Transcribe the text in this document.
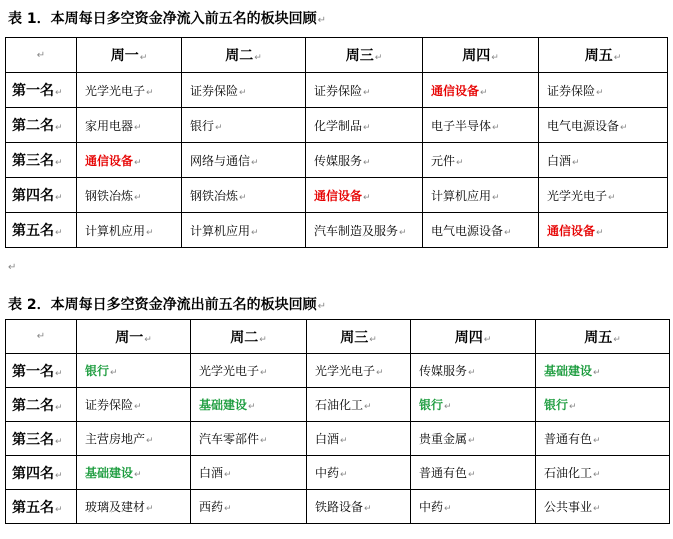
表 1．本周每日多空资金净流入前五名的板块回顾↵
↵	周一↵	周二↵	周三↵	周四↵	周五↵
第一名↵	光学光电子↵	证券保险↵	证券保险↵	通信设备↵	证券保险↵
第二名↵	家用电器↵	银行↵	化学制品↵	电子半导体↵	电气电源设备↵
第三名↵	通信设备↵	网络与通信↵	传媒服务↵	元件↵	白酒↵
第四名↵	钢铁冶炼↵	钢铁冶炼↵	通信设备↵	计算机应用↵	光学光电子↵
第五名↵	计算机应用↵	计算机应用↵	汽车制造及服务↵	电气电源设备↵	通信设备↵
↵
表 2．本周每日多空资金净流出前五名的板块回顾↵
↵	周一↵	周二↵	周三↵	周四↵	周五↵
第一名↵	银行↵	光学光电子↵	光学光电子↵	传媒服务↵	基础建设↵
第二名↵	证券保险↵	基础建设↵	石油化工↵	银行↵	银行↵
第三名↵	主营房地产↵	汽车零部件↵	白酒↵	贵重金属↵	普通有色↵
第四名↵	基础建设↵	白酒↵	中药↵	普通有色↵	石油化工↵
第五名↵	玻璃及建材↵	西药↵	铁路设备↵	中药↵	公共事业↵
